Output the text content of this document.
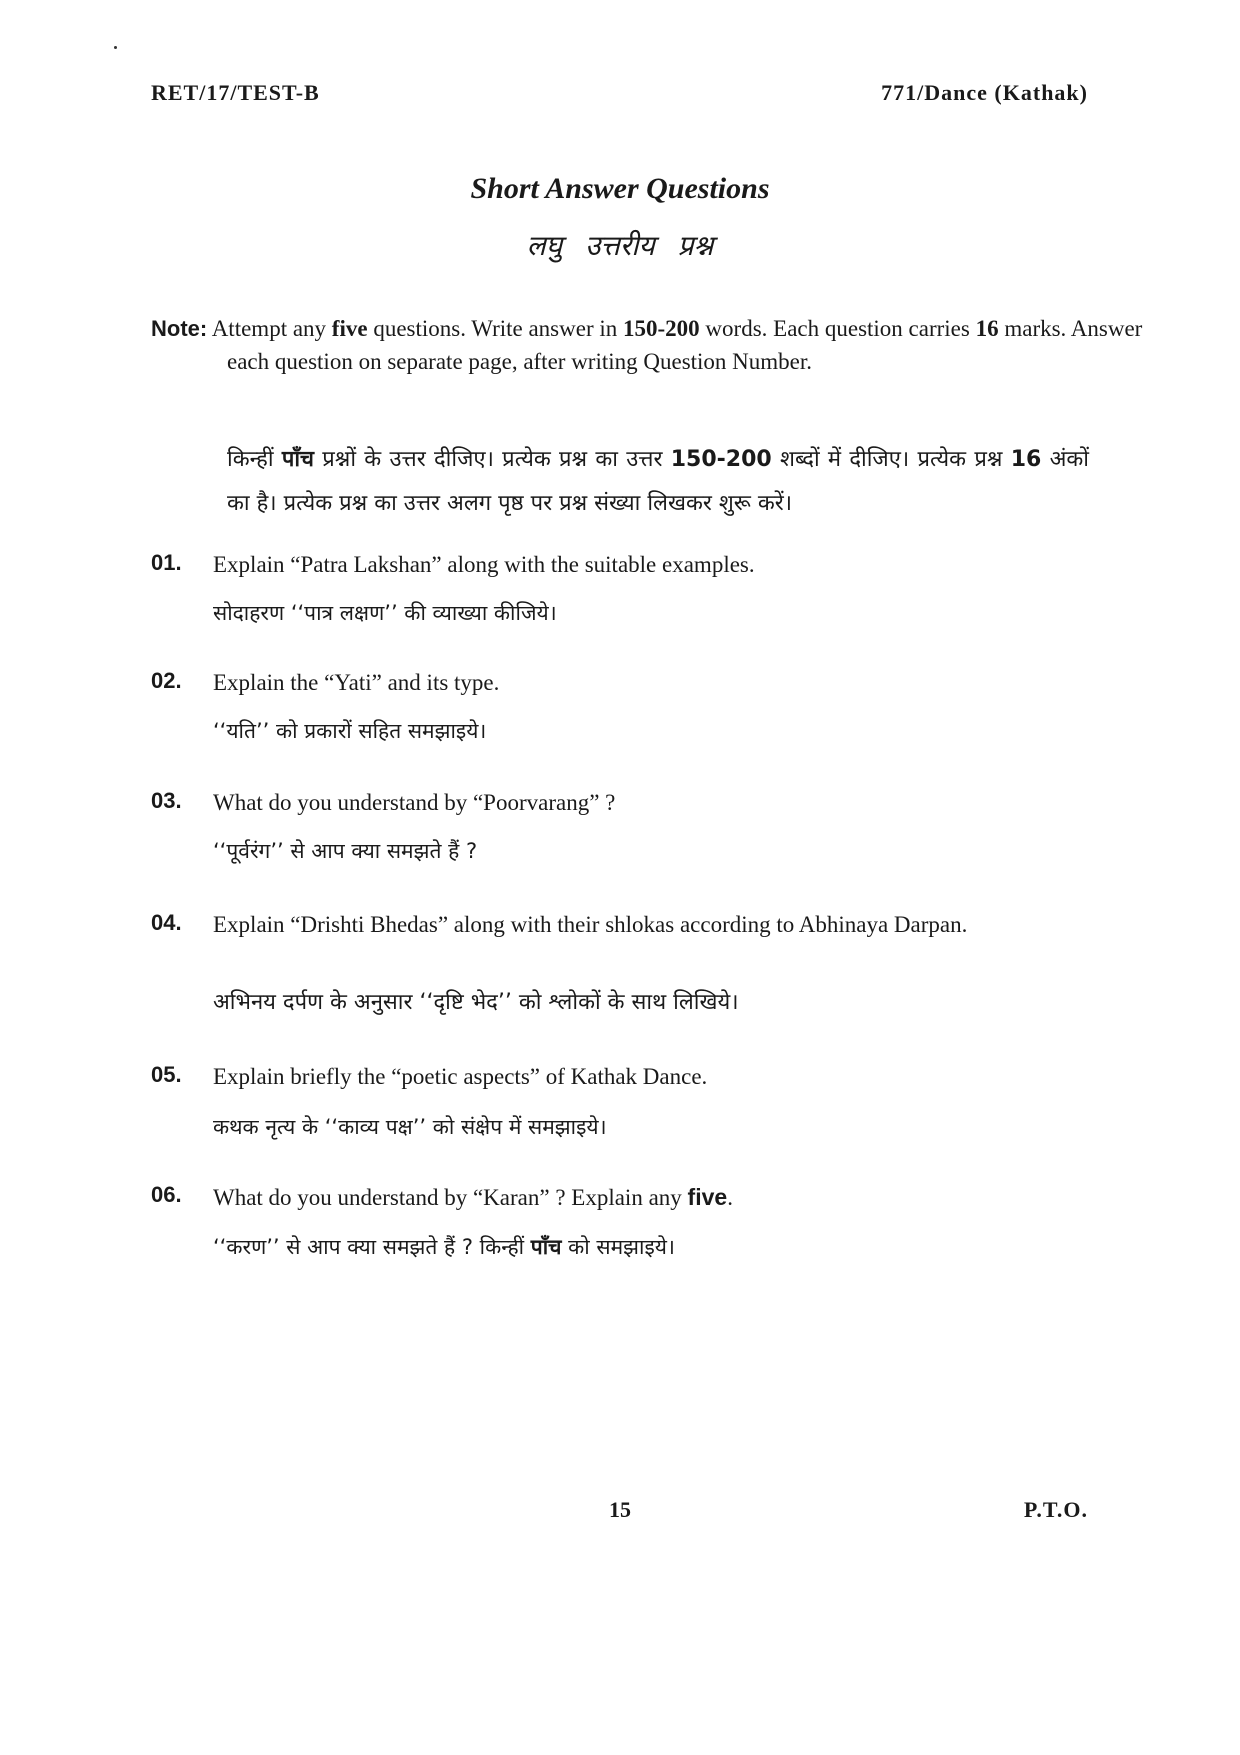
RET/17/TEST-B	771/Dance (Kathak)
Short Answer Questions
लघु उत्तरीय प्रश्न
Note: Attempt any five questions. Write answer in 150-200 words. Each question carries 16 marks. Answer each question on separate page, after writing Question Number.
किन्हीं पाँच प्रश्नों के उत्तर दीजिए। प्रत्येक प्रश्न का उत्तर 150-200 शब्दों में दीजिए। प्रत्येक प्रश्न 16 अंकों का है। प्रत्येक प्रश्न का उत्तर अलग पृष्ठ पर प्रश्न संख्या लिखकर शुरू करें।
01. Explain “Patra Lakshan” along with the suitable examples.
सोदाहरण ‘‘पात्र लक्षण’’ की व्याख्या कीजिये।
02. Explain the “Yati” and its type.
‘‘यति’’ को प्रकारों सहित समझाइये।
03. What do you understand by “Poorvarang” ?
‘‘पूर्वरंग’’ से आप क्या समझते हैं ?
04. Explain “Drishti Bhedas” along with their shlokas according to Abhinaya Darpan.
अभिनय दर्पण के अनुसार ‘‘दृष्टि भेद’’ को श्लोकों के साथ लिखिये।
05. Explain briefly the “poetic aspects” of Kathak Dance.
कथक नृत्य के ‘‘काव्य पक्ष’’ को संक्षेप में समझाइये।
06. What do you understand by “Karan” ? Explain any five.
‘‘करण’’ से आप क्या समझते हैं ? किन्हीं पाँच को समझाइये।
15	P.T.O.
